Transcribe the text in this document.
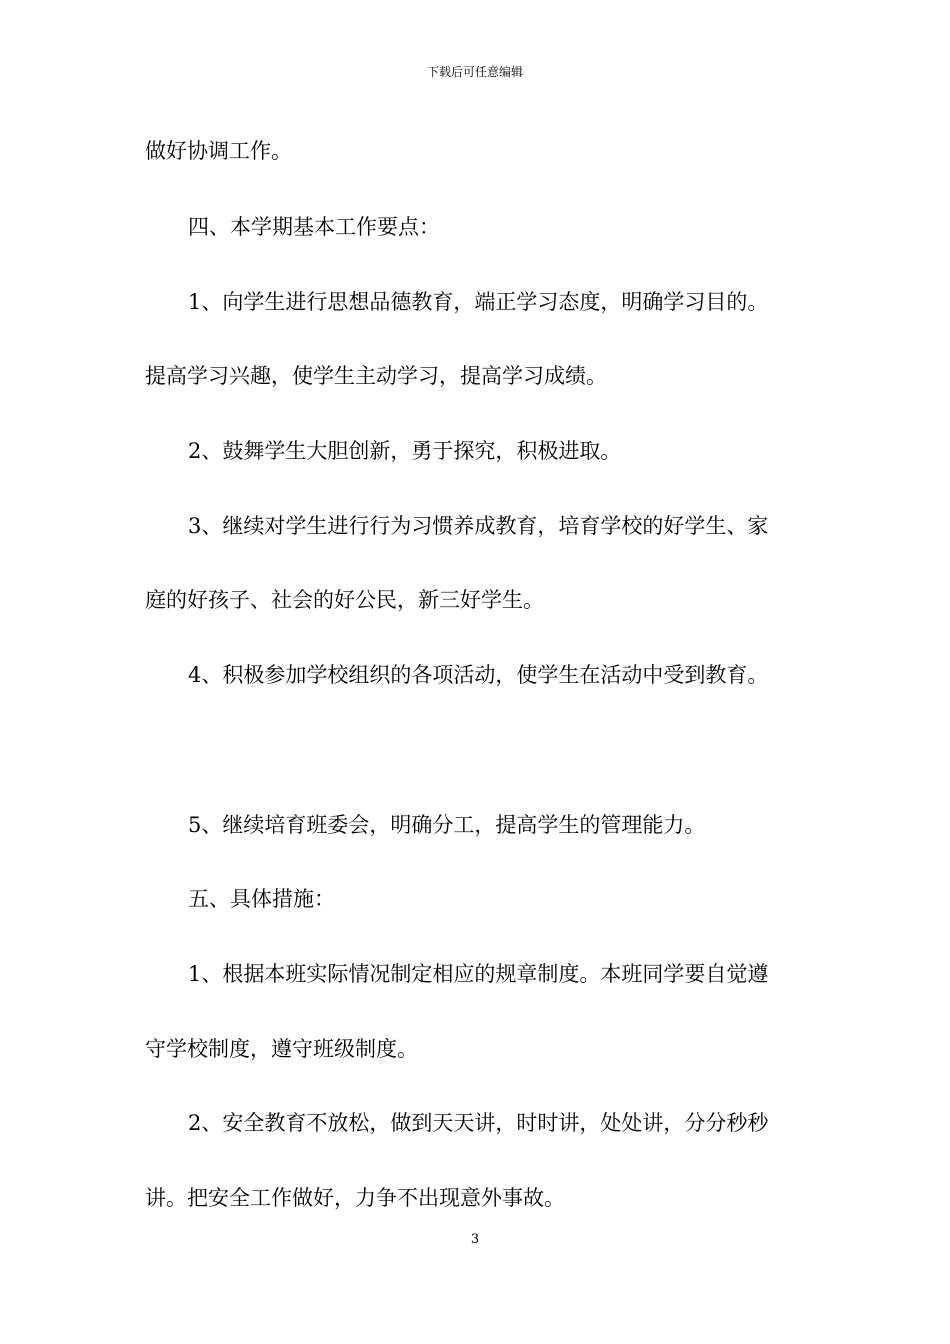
下载后可任意编辑
做好协调工作。
四、本学期基本工作要点：
1、向学生进行思想品德教育，端正学习态度，明确学习目的。
提高学习兴趣，使学生主动学习，提高学习成绩。
2、鼓舞学生大胆创新，勇于探究，积极进取。
3、继续对学生进行行为习惯养成教育，培育学校的好学生、家
庭的好孩子、社会的好公民，新三好学生。
4、积极参加学校组织的各项活动，使学生在活动中受到教育。
5、继续培育班委会，明确分工，提高学生的管理能力。
五、具体措施：
1、根据本班实际情况制定相应的规章制度。本班同学要自觉遵
守学校制度，遵守班级制度。
2、安全教育不放松，做到天天讲，时时讲，处处讲，分分秒秒
讲。把安全工作做好，力争不出现意外事故。
3
